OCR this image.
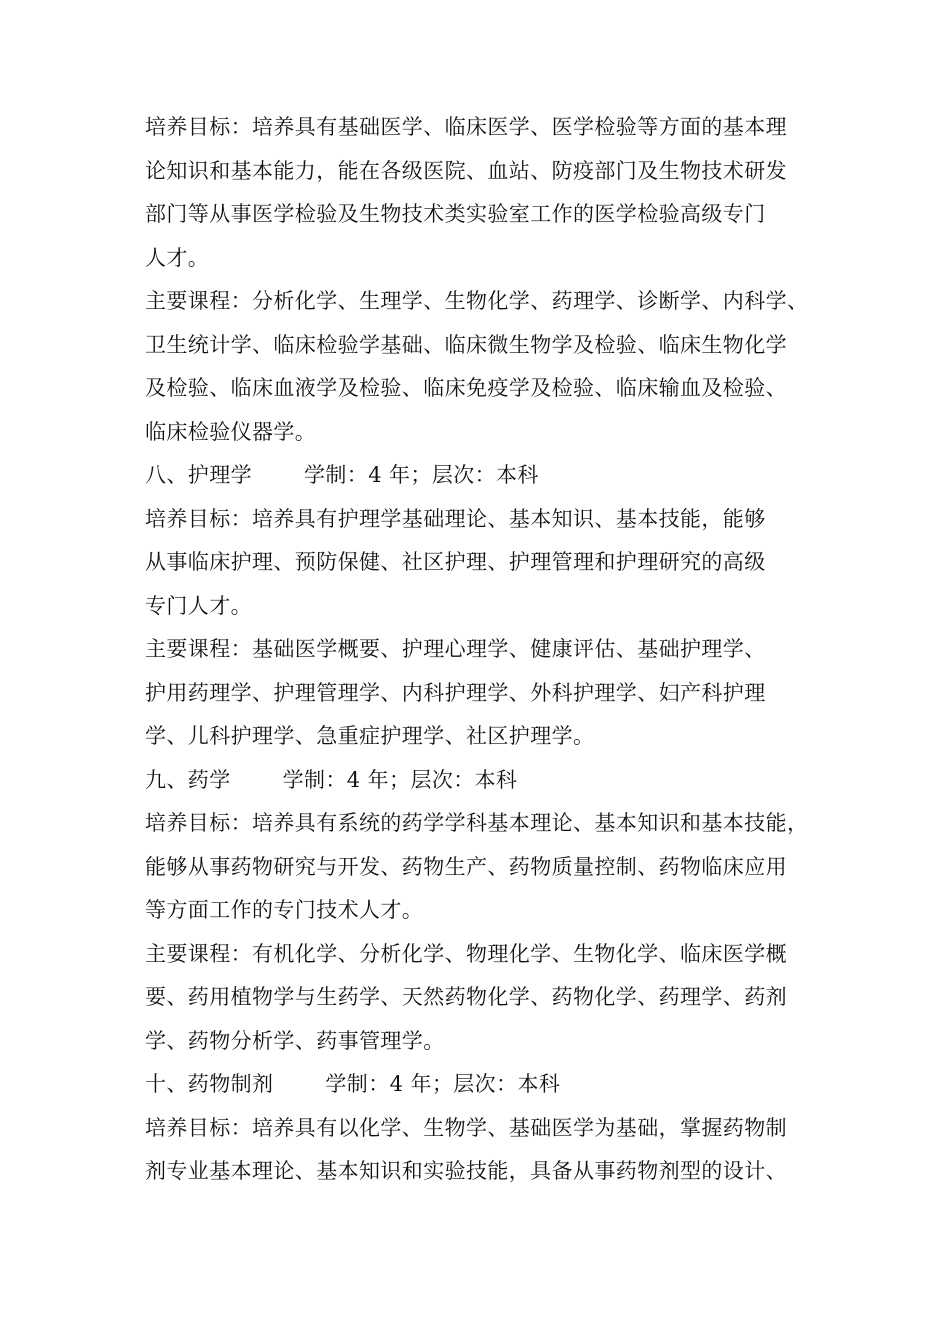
培养目标：培养具有基础医学、临床医学、医学检验等方面的基本理
论知识和基本能力，能在各级医院、血站、防疫部门及生物技术研发
部门等从事医学检验及生物技术类实验室工作的医学检验高级专门
人才。
主要课程：分析化学、生理学、生物化学、药理学、诊断学、内科学、
卫生统计学、临床检验学基础、临床微生物学及检验、临床生物化学
及检验、临床血液学及检验、临床免疫学及检验、临床输血及检验、
临床检验仪器学。
八、护理学 学制：4 年；层次：本科
培养目标：培养具有护理学基础理论、基本知识、基本技能，能够
从事临床护理、预防保健、社区护理、护理管理和护理研究的高级
专门人才。
主要课程：基础医学概要、护理心理学、健康评估、基础护理学、
护用药理学、护理管理学、内科护理学、外科护理学、妇产科护理
学、儿科护理学、急重症护理学、社区护理学。
九、药学 学制：4 年；层次：本科
培养目标：培养具有系统的药学学科基本理论、基本知识和基本技能，
能够从事药物研究与开发、药物生产、药物质量控制、药物临床应用
等方面工作的专门技术人才。
主要课程：有机化学、分析化学、物理化学、生物化学、临床医学概
要、药用植物学与生药学、天然药物化学、药物化学、药理学、药剂
学、药物分析学、药事管理学。
十、药物制剂 学制：4 年；层次：本科
培养目标：培养具有以化学、生物学、基础医学为基础，掌握药物制
剂专业基本理论、基本知识和实验技能，具备从事药物剂型的设计、
